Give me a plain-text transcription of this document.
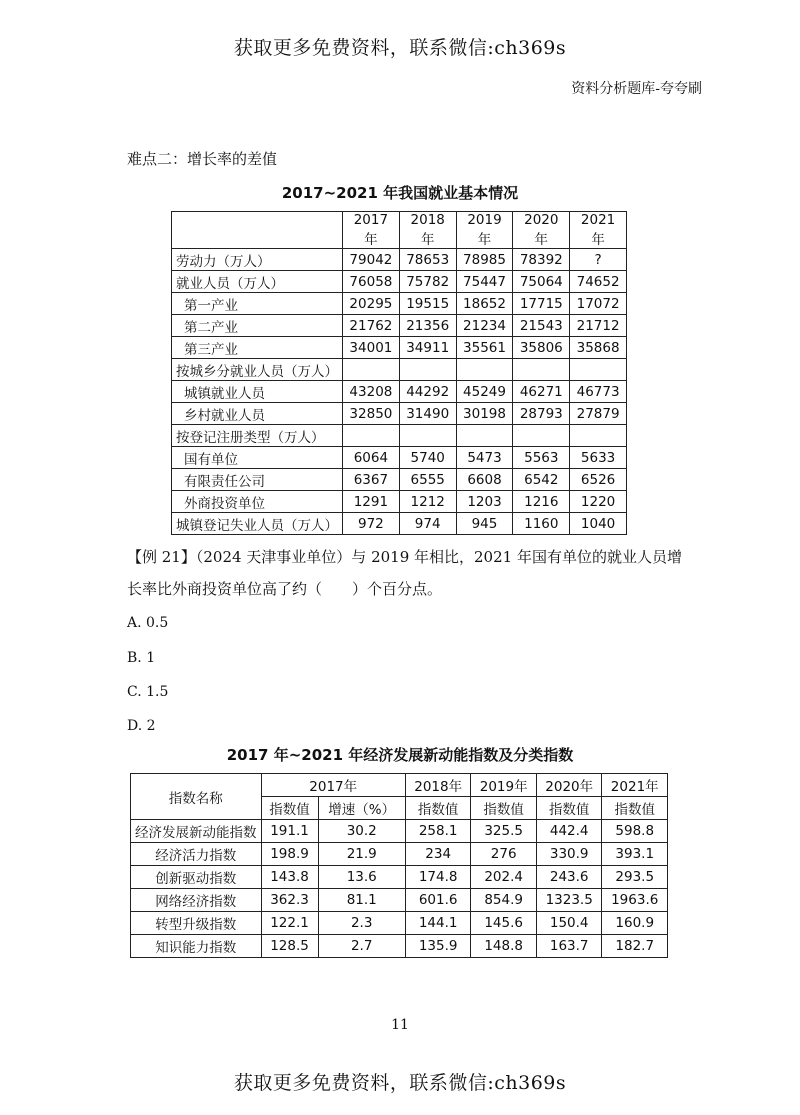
获取更多免费资料，联系微信:ch369s
资料分析题库-夸夸刷
难点二：增长率的差值
2017~2021 年我国就业基本情况
	2017年	2018年	2019年	2020年	2021年
劳动力（万人）	79042	78653	78985	78392	?
就业人员（万人）	76058	75782	75447	75064	74652
第一产业	20295	19515	18652	17715	17072
第二产业	21762	21356	21234	21543	21712
第三产业	34001	34911	35561	35806	35868
按城乡分就业人员（万人）					
城镇就业人员	43208	44292	45249	46271	46773
乡村就业人员	32850	31490	30198	28793	27879
按登记注册类型（万人）					
国有单位	6064	5740	5473	5563	5633
有限责任公司	6367	6555	6608	6542	6526
外商投资单位	1291	1212	1203	1216	1220
城镇登记失业人员（万人）	972	974	945	1160	1040
【例 21】（2024 天津事业单位）与 2019 年相比，2021 年国有单位的就业人员增长率比外商投资单位高了约（　　）个百分点。
A. 0.5
B. 1
C. 1.5
D. 2
2017 年~2021 年经济发展新动能指数及分类指数
指数名称	2017年		2018年	2019年	2020年	2021年
	指数值	增速（%）	指数值	指数值	指数值	指数值
经济发展新动能指数	191.1	30.2	258.1	325.5	442.4	598.8
经济活力指数	198.9	21.9	234	276	330.9	393.1
创新驱动指数	143.8	13.6	174.8	202.4	243.6	293.5
网络经济指数	362.3	81.1	601.6	854.9	1323.5	1963.6
转型升级指数	122.1	2.3	144.1	145.6	150.4	160.9
知识能力指数	128.5	2.7	135.9	148.8	163.7	182.7
11
获取更多免费资料，联系微信:ch369s
